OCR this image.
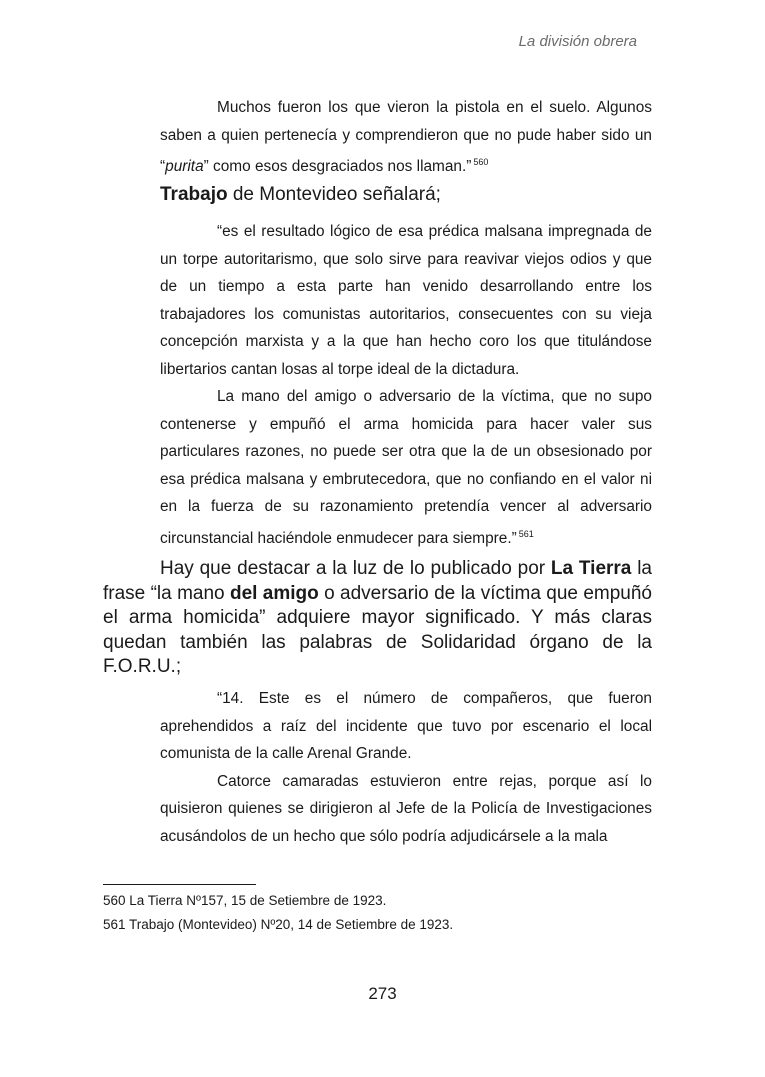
La división obrera

Muchos fueron los que vieron la pistola en el suelo. Algunos saben a quien pertenecía y comprendieron que no pude haber sido un “purita” como esos desgraciados nos llaman.” $^{560}$

Trabajo de Montevideo señalará;

“es el resultado lógico de esa prédica malsana impregnada de un torpe autoritarismo, que solo sirve para reavivar viejos odios y que de un tiempo a esta parte han venido desarrollando entre los trabajadores los comunistas autoritarios, consecuentes con su vieja concepción marxista y a la que han hecho coro los que titulándose libertarios cantan losas al torpe ideal de la dictadura.

La mano del amigo o adversario de la víctima, que no supo contenerse y empuñó el arma homicida para hacer valer sus particulares razones, no puede ser otra que la de un obsesionado por esa prédica malsana y embrutecedora, que no confiando en el valor ni en la fuerza de su razonamiento pretendía vencer al adversario circunstancial haciéndole enmudecer para siempre.” $^{561}$

Hay que destacar a la luz de lo publicado por La Tierra la frase “la mano del amigo o adversario de la víctima que empuñó el arma homicida” adquiere mayor significado. Y más claras quedan también las palabras de Solidaridad órgano de la F.O.R.U.;

“14. Este es el número de compañeros, que fueron aprehendidos a raíz del incidente que tuvo por escenario el local comunista de la calle Arenal Grande.

Catorce camaradas estuvieron entre rejas, porque así lo quisieron quienes se dirigieron al Jefe de la Policía de Investigaciones acusándolos de un hecho que sólo podría adjudicársele a la mala

560 La Tierra Nº157, 15 de Setiembre de 1923.

561 Trabajo (Montevideo) Nº20, 14 de Setiembre de 1923.

273
